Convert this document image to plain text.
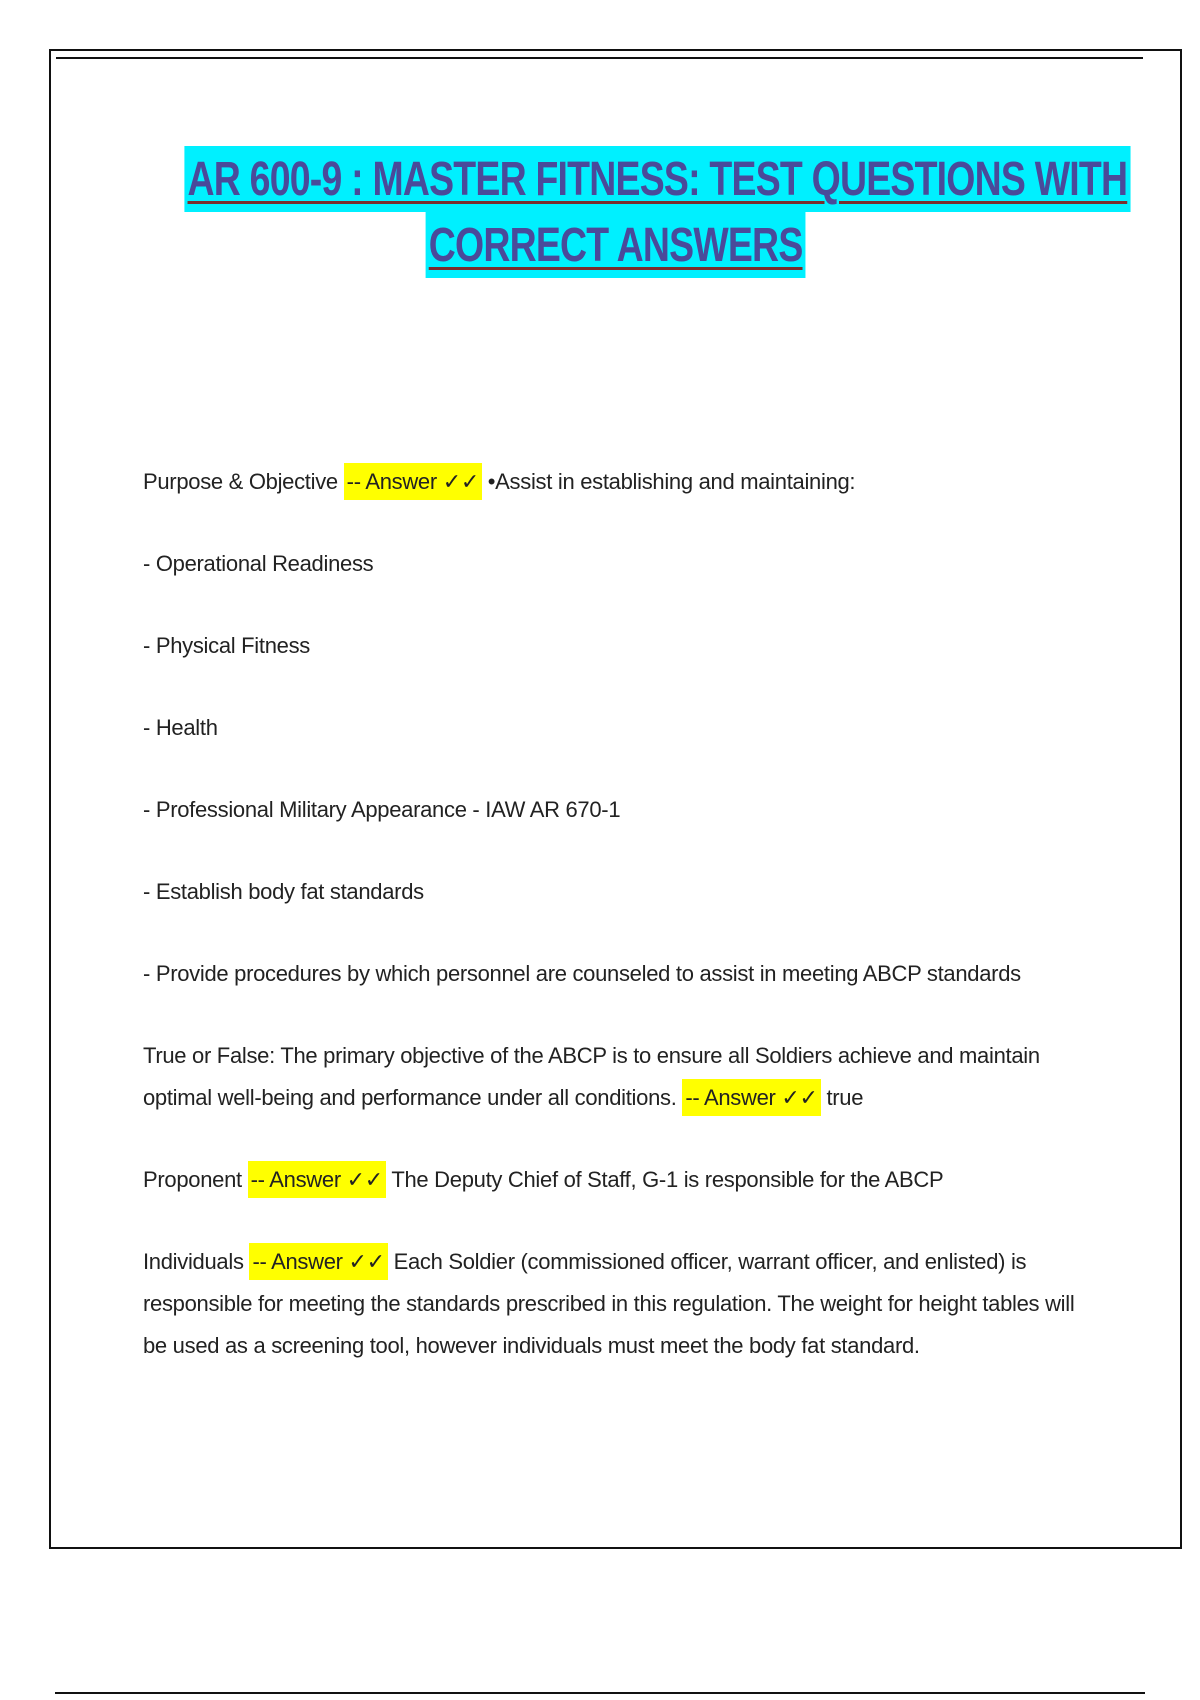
AR 600-9 : MASTER FITNESS: TEST QUESTIONS WITH
CORRECT ANSWERS

Purpose & Objective -- Answer ✓✓ •Assist in establishing and maintaining:

- Operational Readiness

- Physical Fitness

- Health

- Professional Military Appearance - IAW AR 670-1

- Establish body fat standards

- Provide procedures by which personnel are counseled to assist in meeting ABCP standards

True or False: The primary objective of the ABCP is to ensure all Soldiers achieve and maintain optimal well-being and performance under all conditions. -- Answer ✓✓ true

Proponent -- Answer ✓✓ The Deputy Chief of Staff, G-1 is responsible for the ABCP

Individuals -- Answer ✓✓ Each Soldier (commissioned officer, warrant officer, and enlisted) is responsible for meeting the standards prescribed in this regulation. The weight for height tables will be used as a screening tool, however individuals must meet the body fat standard.
